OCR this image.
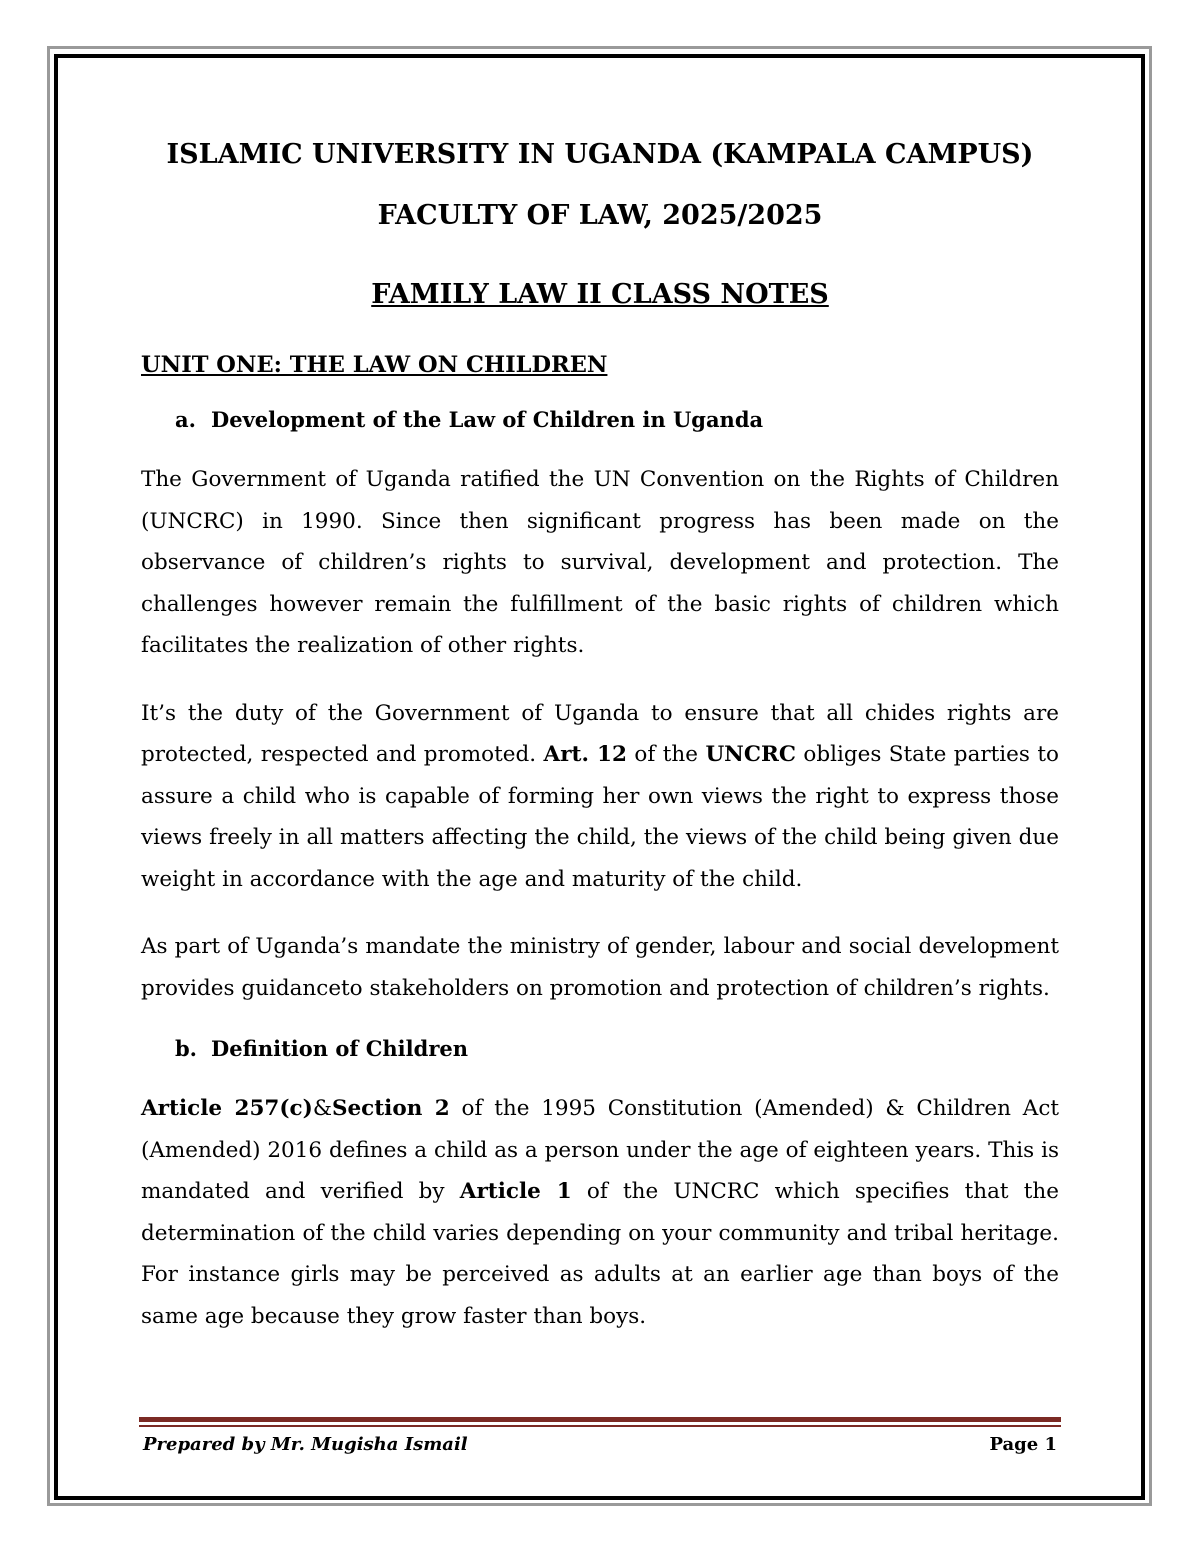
ISLAMIC UNIVERSITY IN UGANDA (KAMPALA CAMPUS)
FACULTY OF LAW, 2025/2025
FAMILY LAW II CLASS NOTES
UNIT ONE: THE LAW ON CHILDREN
a. Development of the Law of Children in Uganda

The Government of Uganda ratified the UN Convention on the Rights of Children (UNCRC) in 1990. Since then significant progress has been made on the observance of children’s rights to survival, development and protection. The challenges however remain the fulfillment of the basic rights of children which facilitates the realization of other rights.

It’s the duty of the Government of Uganda to ensure that all chides rights are protected, respected and promoted. Art. 12 of the UNCRC obliges State parties to assure a child who is capable of forming her own views the right to express those views freely in all matters affecting the child, the views of the child being given due weight in accordance with the age and maturity of the child.

As part of Uganda’s mandate the ministry of gender, labour and social development provides guidanceto stakeholders on promotion and protection of children’s rights.

b. Definition of Children

Article 257(c)&Section 2 of the 1995 Constitution (Amended) & Children Act (Amended) 2016 defines a child as a person under the age of eighteen years. This is mandated and verified by Article 1 of the UNCRC which specifies that the determination of the child varies depending on your community and tribal heritage. For instance girls may be perceived as adults at an earlier age than boys of the same age because they grow faster than boys.

Prepared by Mr. Mugisha Ismail	Page 1
